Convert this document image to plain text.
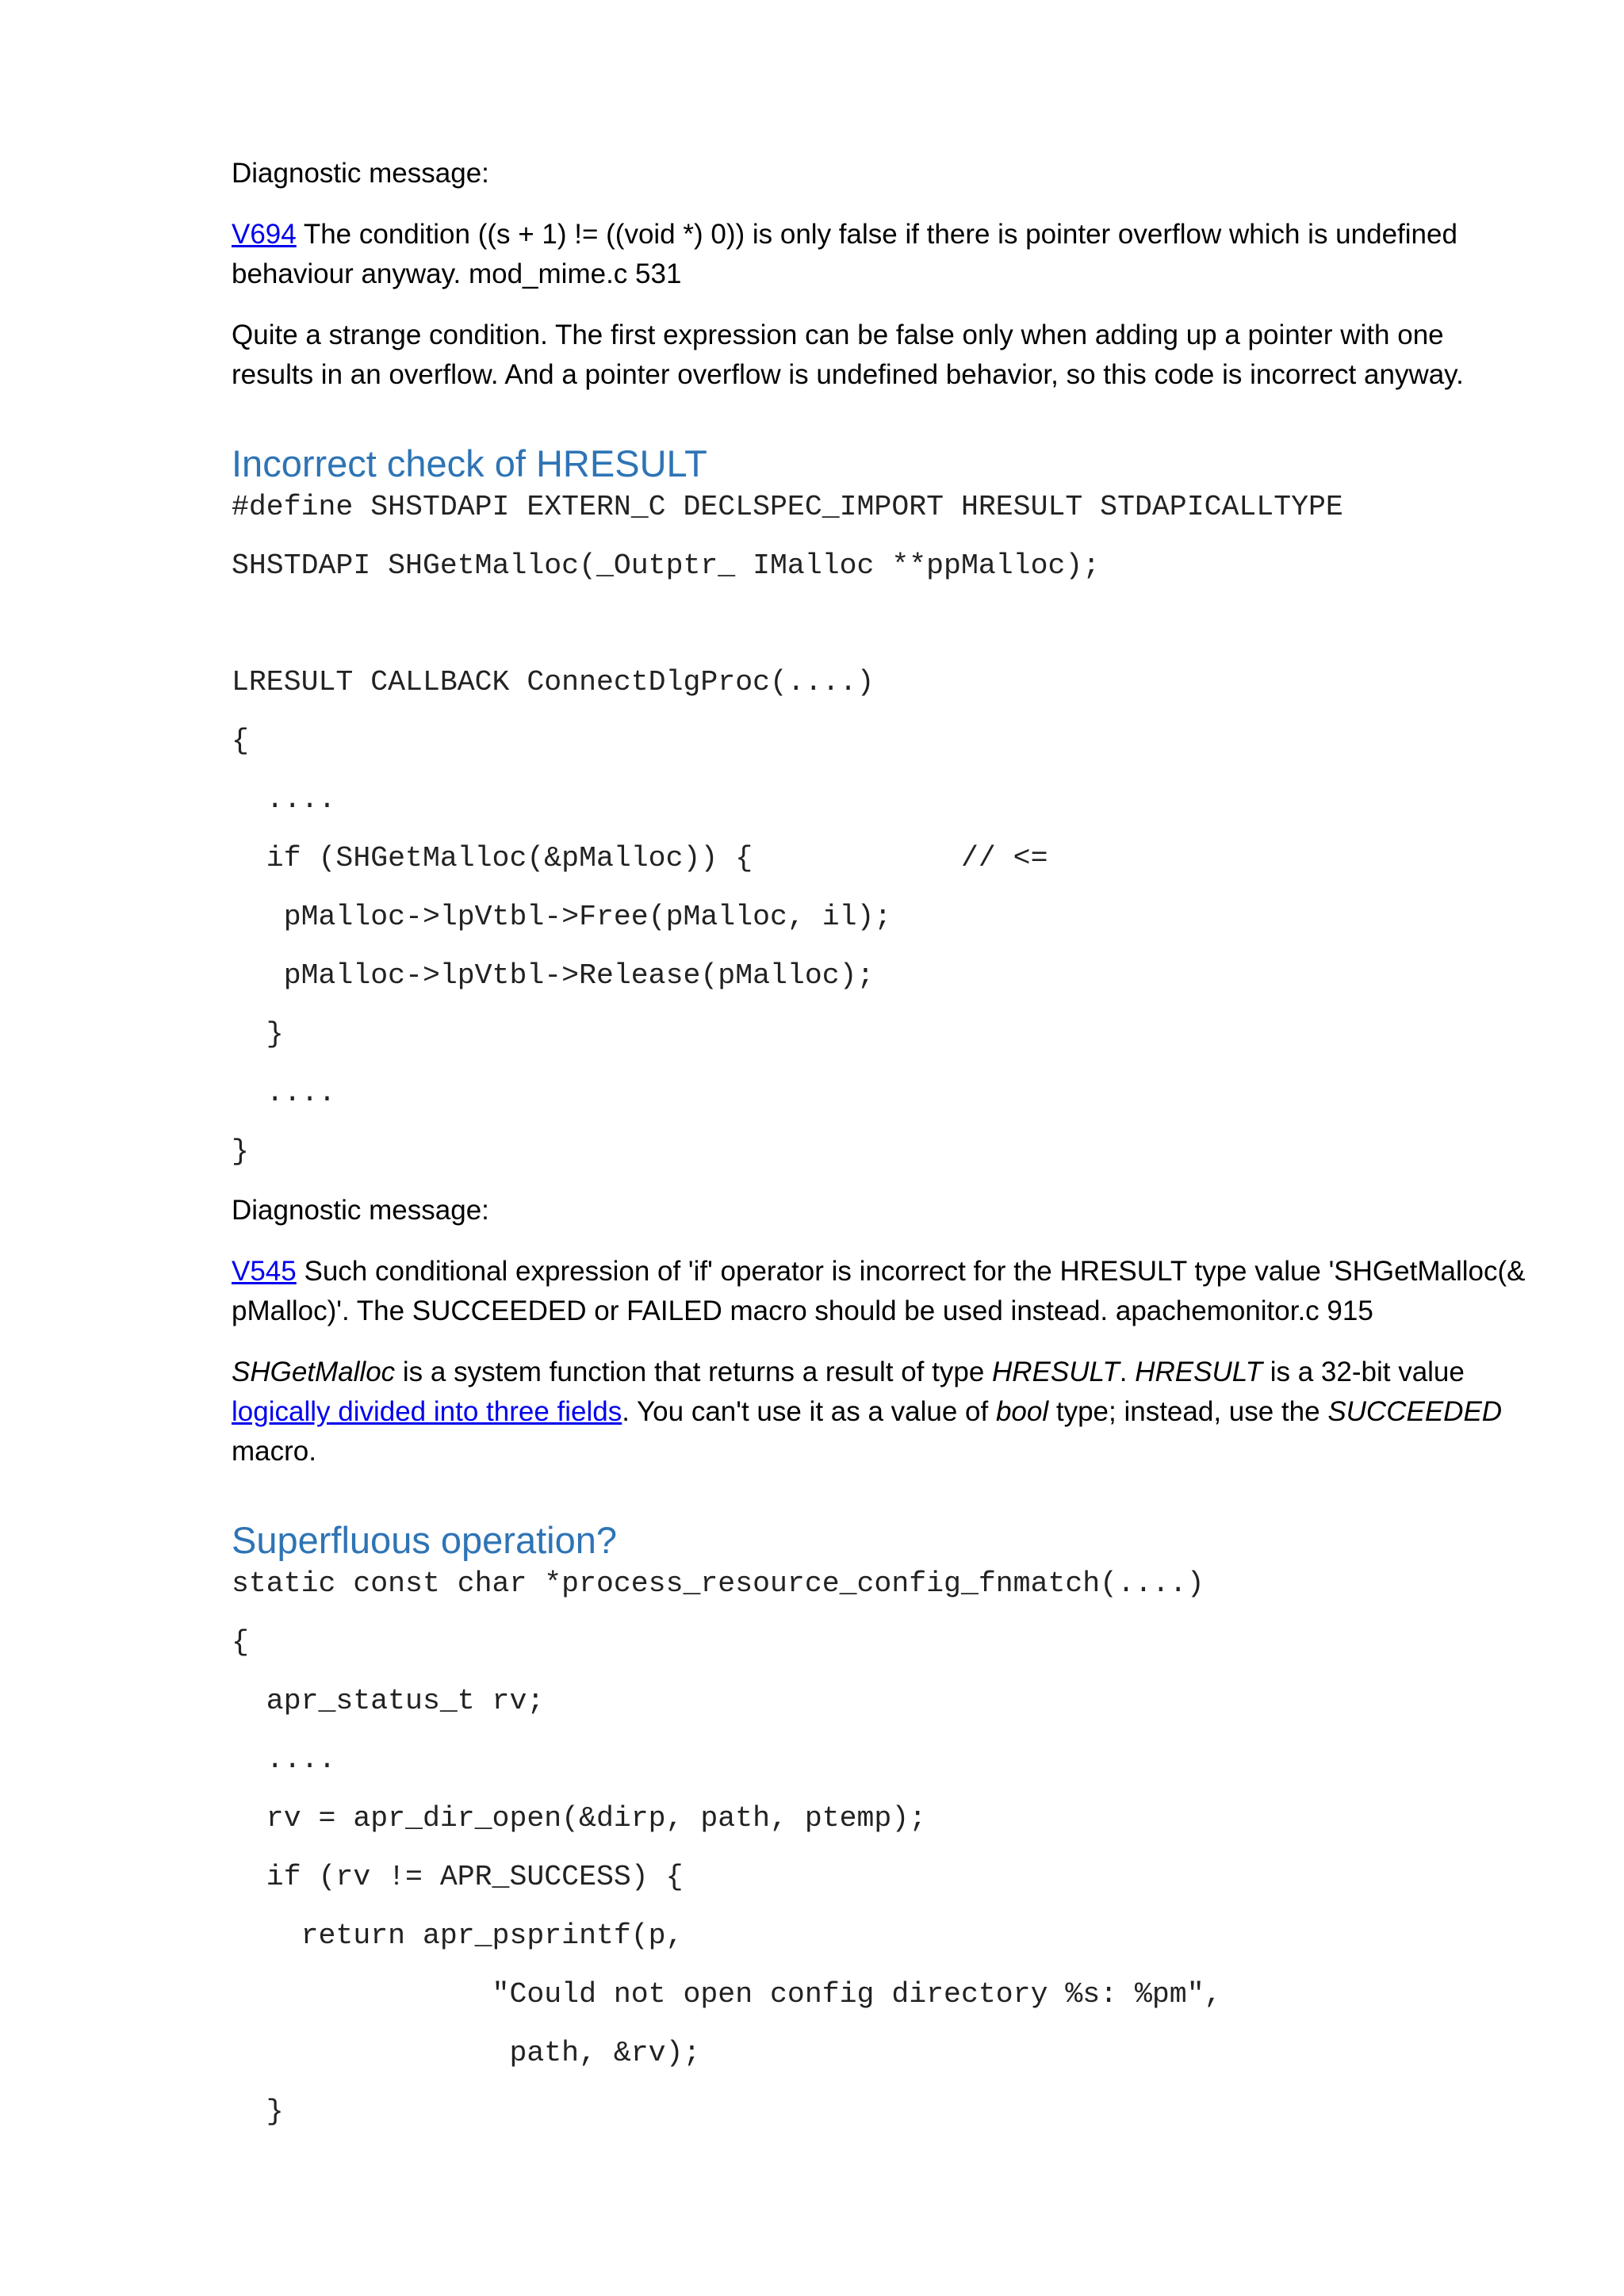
Diagnostic message:
V694 The condition ((s + 1) != ((void *) 0)) is only false if there is pointer overflow which is undefined
behaviour anyway. mod_mime.c 531
Quite a strange condition. The first expression can be false only when adding up a pointer with one
results in an overflow. And a pointer overflow is undefined behavior, so this code is incorrect anyway.
Incorrect check of HRESULT
#define SHSTDAPI EXTERN_C DECLSPEC_IMPORT HRESULT STDAPICALLTYPE
SHSTDAPI SHGetMalloc(_Outptr_ IMalloc **ppMalloc);
LRESULT CALLBACK ConnectDlgProc(....)
{
....
if (SHGetMalloc(&pMalloc)) {            // <=
pMalloc->lpVtbl->Free(pMalloc, il);
pMalloc->lpVtbl->Release(pMalloc);
}
....
}
Diagnostic message:
V545 Such conditional expression of 'if' operator is incorrect for the HRESULT type value 'SHGetMalloc(&
pMalloc)'. The SUCCEEDED or FAILED macro should be used instead. apachemonitor.c 915
SHGetMalloc is a system function that returns a result of type HRESULT. HRESULT is a 32-bit value
logically divided into three fields. You can't use it as a value of bool type; instead, use the SUCCEEDED
macro.
Superfluous operation?
static const char *process_resource_config_fnmatch(....)
{
apr_status_t rv;
....
rv = apr_dir_open(&dirp, path, ptemp);
if (rv != APR_SUCCESS) {
return apr_psprintf(p,
"Could not open config directory %s: %pm",
path, &rv);
}
